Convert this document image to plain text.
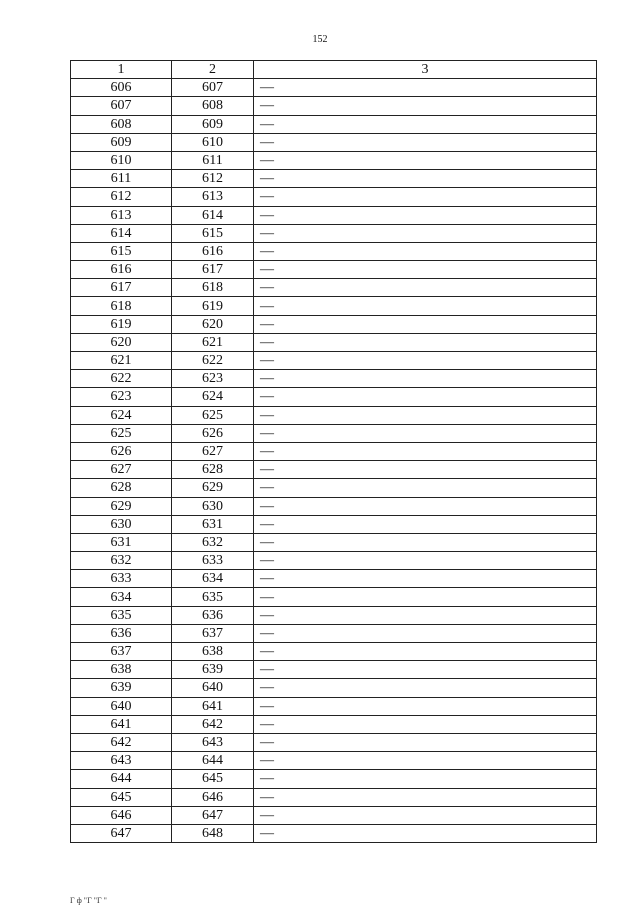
152
1	2	3
606	607	—
607	608	—
608	609	—
609	610	—
610	611	—
611	612	—
612	613	—
613	614	—
614	615	—
615	616	—
616	617	—
617	618	—
618	619	—
619	620	—
620	621	—
621	622	—
622	623	—
623	624	—
624	625	—
625	626	—
626	627	—
627	628	—
628	629	—
629	630	—
630	631	—
631	632	—
632	633	—
633	634	—
634	635	—
635	636	—
636	637	—
637	638	—
638	639	—
639	640	—
640	641	—
641	642	—
642	643	—
643	644	—
644	645	—
645	646	—
646	647	—
647	648	—
Г ф "Г "Г "
